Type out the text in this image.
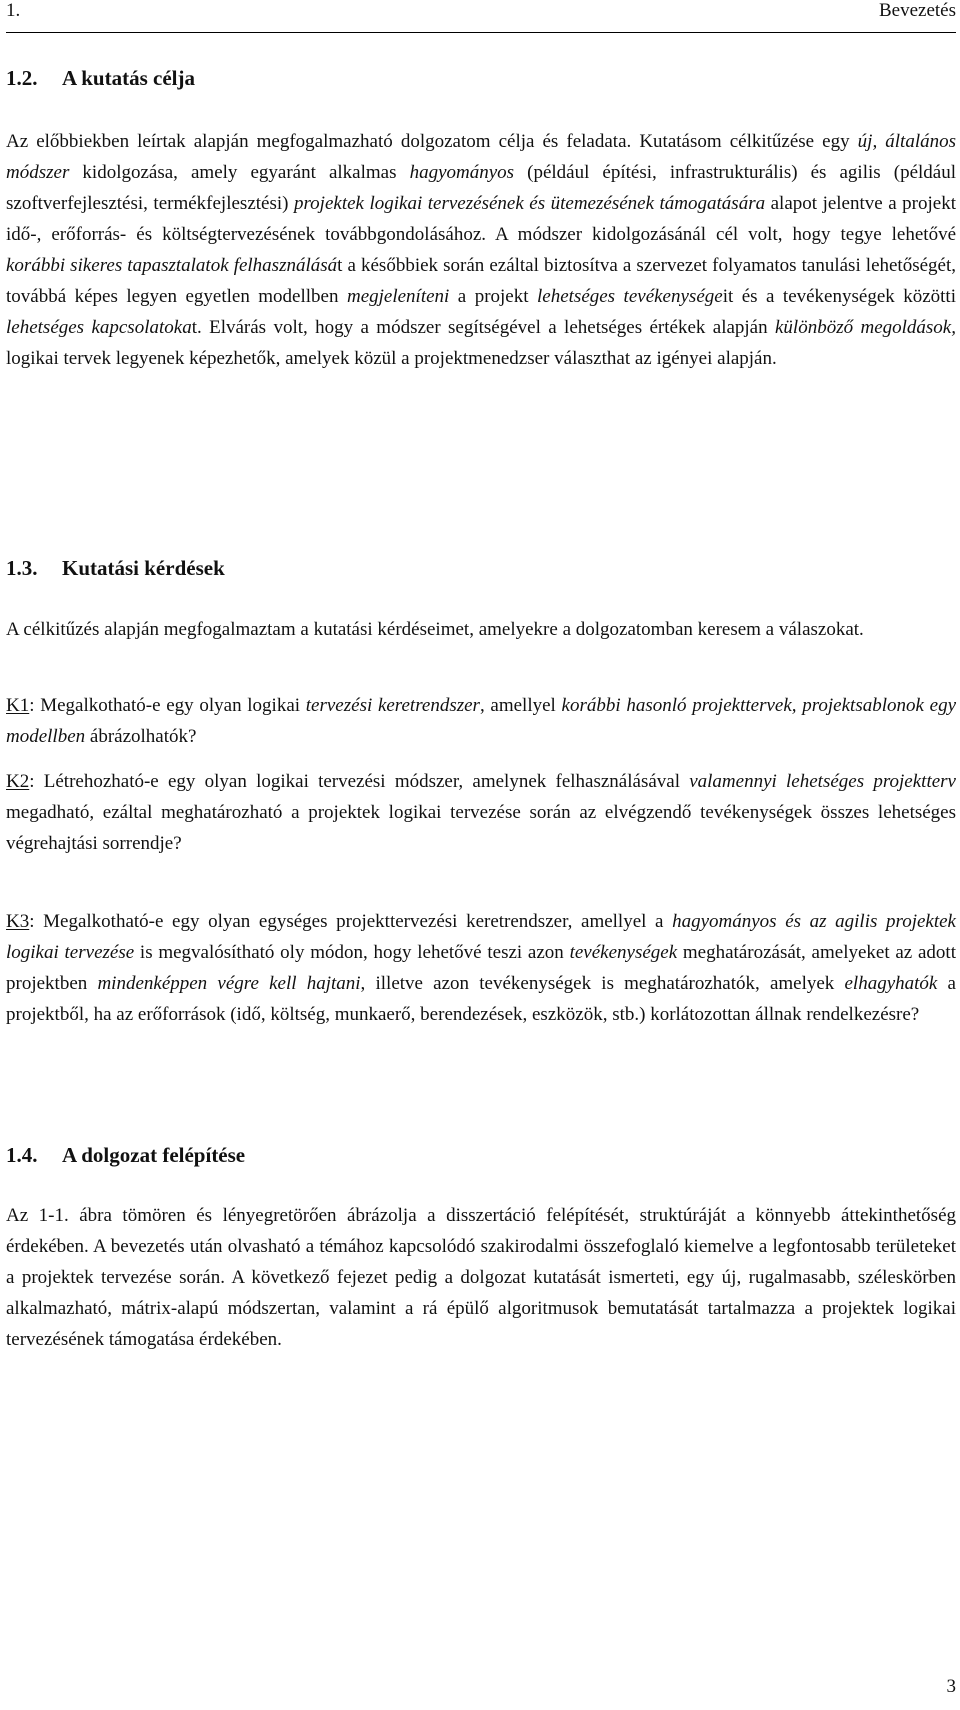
1.	Bevezetés
1.2. A kutatás célja

Az előbbiekben leírtak alapján megfogalmazható dolgozatom célja és feladata. Kutatásom célkitűzése egy új, általános módszer kidolgozása, amely egyaránt alkalmas hagyományos (például építési, infrastrukturális) és agilis (például szoftverfejlesztési, termékfejlesztési) projektek logikai tervezésének és ütemezésének támogatására alapot jelentve a projekt idő-, erőforrás- és költségtervezésének továbbgondolásához. A módszer kidolgozásánál cél volt, hogy tegye lehetővé korábbi sikeres tapasztalatok felhasználását a későbbiek során ezáltal biztosítva a szervezet folyamatos tanulási lehetőségét, továbbá képes legyen egyetlen modellben megjeleníteni a projekt lehetséges tevékenységeit és a tevékenységek közötti lehetséges kapcsolatokat. Elvárás volt, hogy a módszer segítségével a lehetséges értékek alapján különböző megoldások, logikai tervek legyenek képezhetők, amelyek közül a projektmenedzser választhat az igényei alapján.

1.3. Kutatási kérdések

A célkitűzés alapján megfogalmaztam a kutatási kérdéseimet, amelyekre a dolgozatomban keresem a válaszokat.

K1: Megalkotható-e egy olyan logikai tervezési keretrendszer, amellyel korábbi hasonló projekttervek, projektsablonok egy modellben ábrázolhatók?

K2: Létrehozható-e egy olyan logikai tervezési módszer, amelynek felhasználásával valamennyi lehetséges projektterv megadható, ezáltal meghatározható a projektek logikai tervezése során az elvégzendő tevékenységek összes lehetséges végrehajtási sorrendje?

K3: Megalkotható-e egy olyan egységes projekttervezési keretrendszer, amellyel a hagyományos és az agilis projektek logikai tervezése is megvalósítható oly módon, hogy lehetővé teszi azon tevékenységek meghatározását, amelyeket az adott projektben mindenképpen végre kell hajtani, illetve azon tevékenységek is meghatározhatók, amelyek elhagyhatók a projektből, ha az erőforrások (idő, költség, munkaerő, berendezések, eszközök, stb.) korlátozottan állnak rendelkezésre?

1.4. A dolgozat felépítése

Az 1-1. ábra tömören és lényegretörően ábrázolja a disszertáció felépítését, struktúráját a könnyebb áttekinthetőség érdekében. A bevezetés után olvasható a témához kapcsolódó szakirodalmi összefoglaló kiemelve a legfontosabb területeket a projektek tervezése során. A következő fejezet pedig a dolgozat kutatását ismerteti, egy új, rugalmasabb, széleskörben alkalmazható, mátrix-alapú módszertan, valamint a rá épülő algoritmusok bemutatását tartalmazza a projektek logikai tervezésének támogatása érdekében.

3
